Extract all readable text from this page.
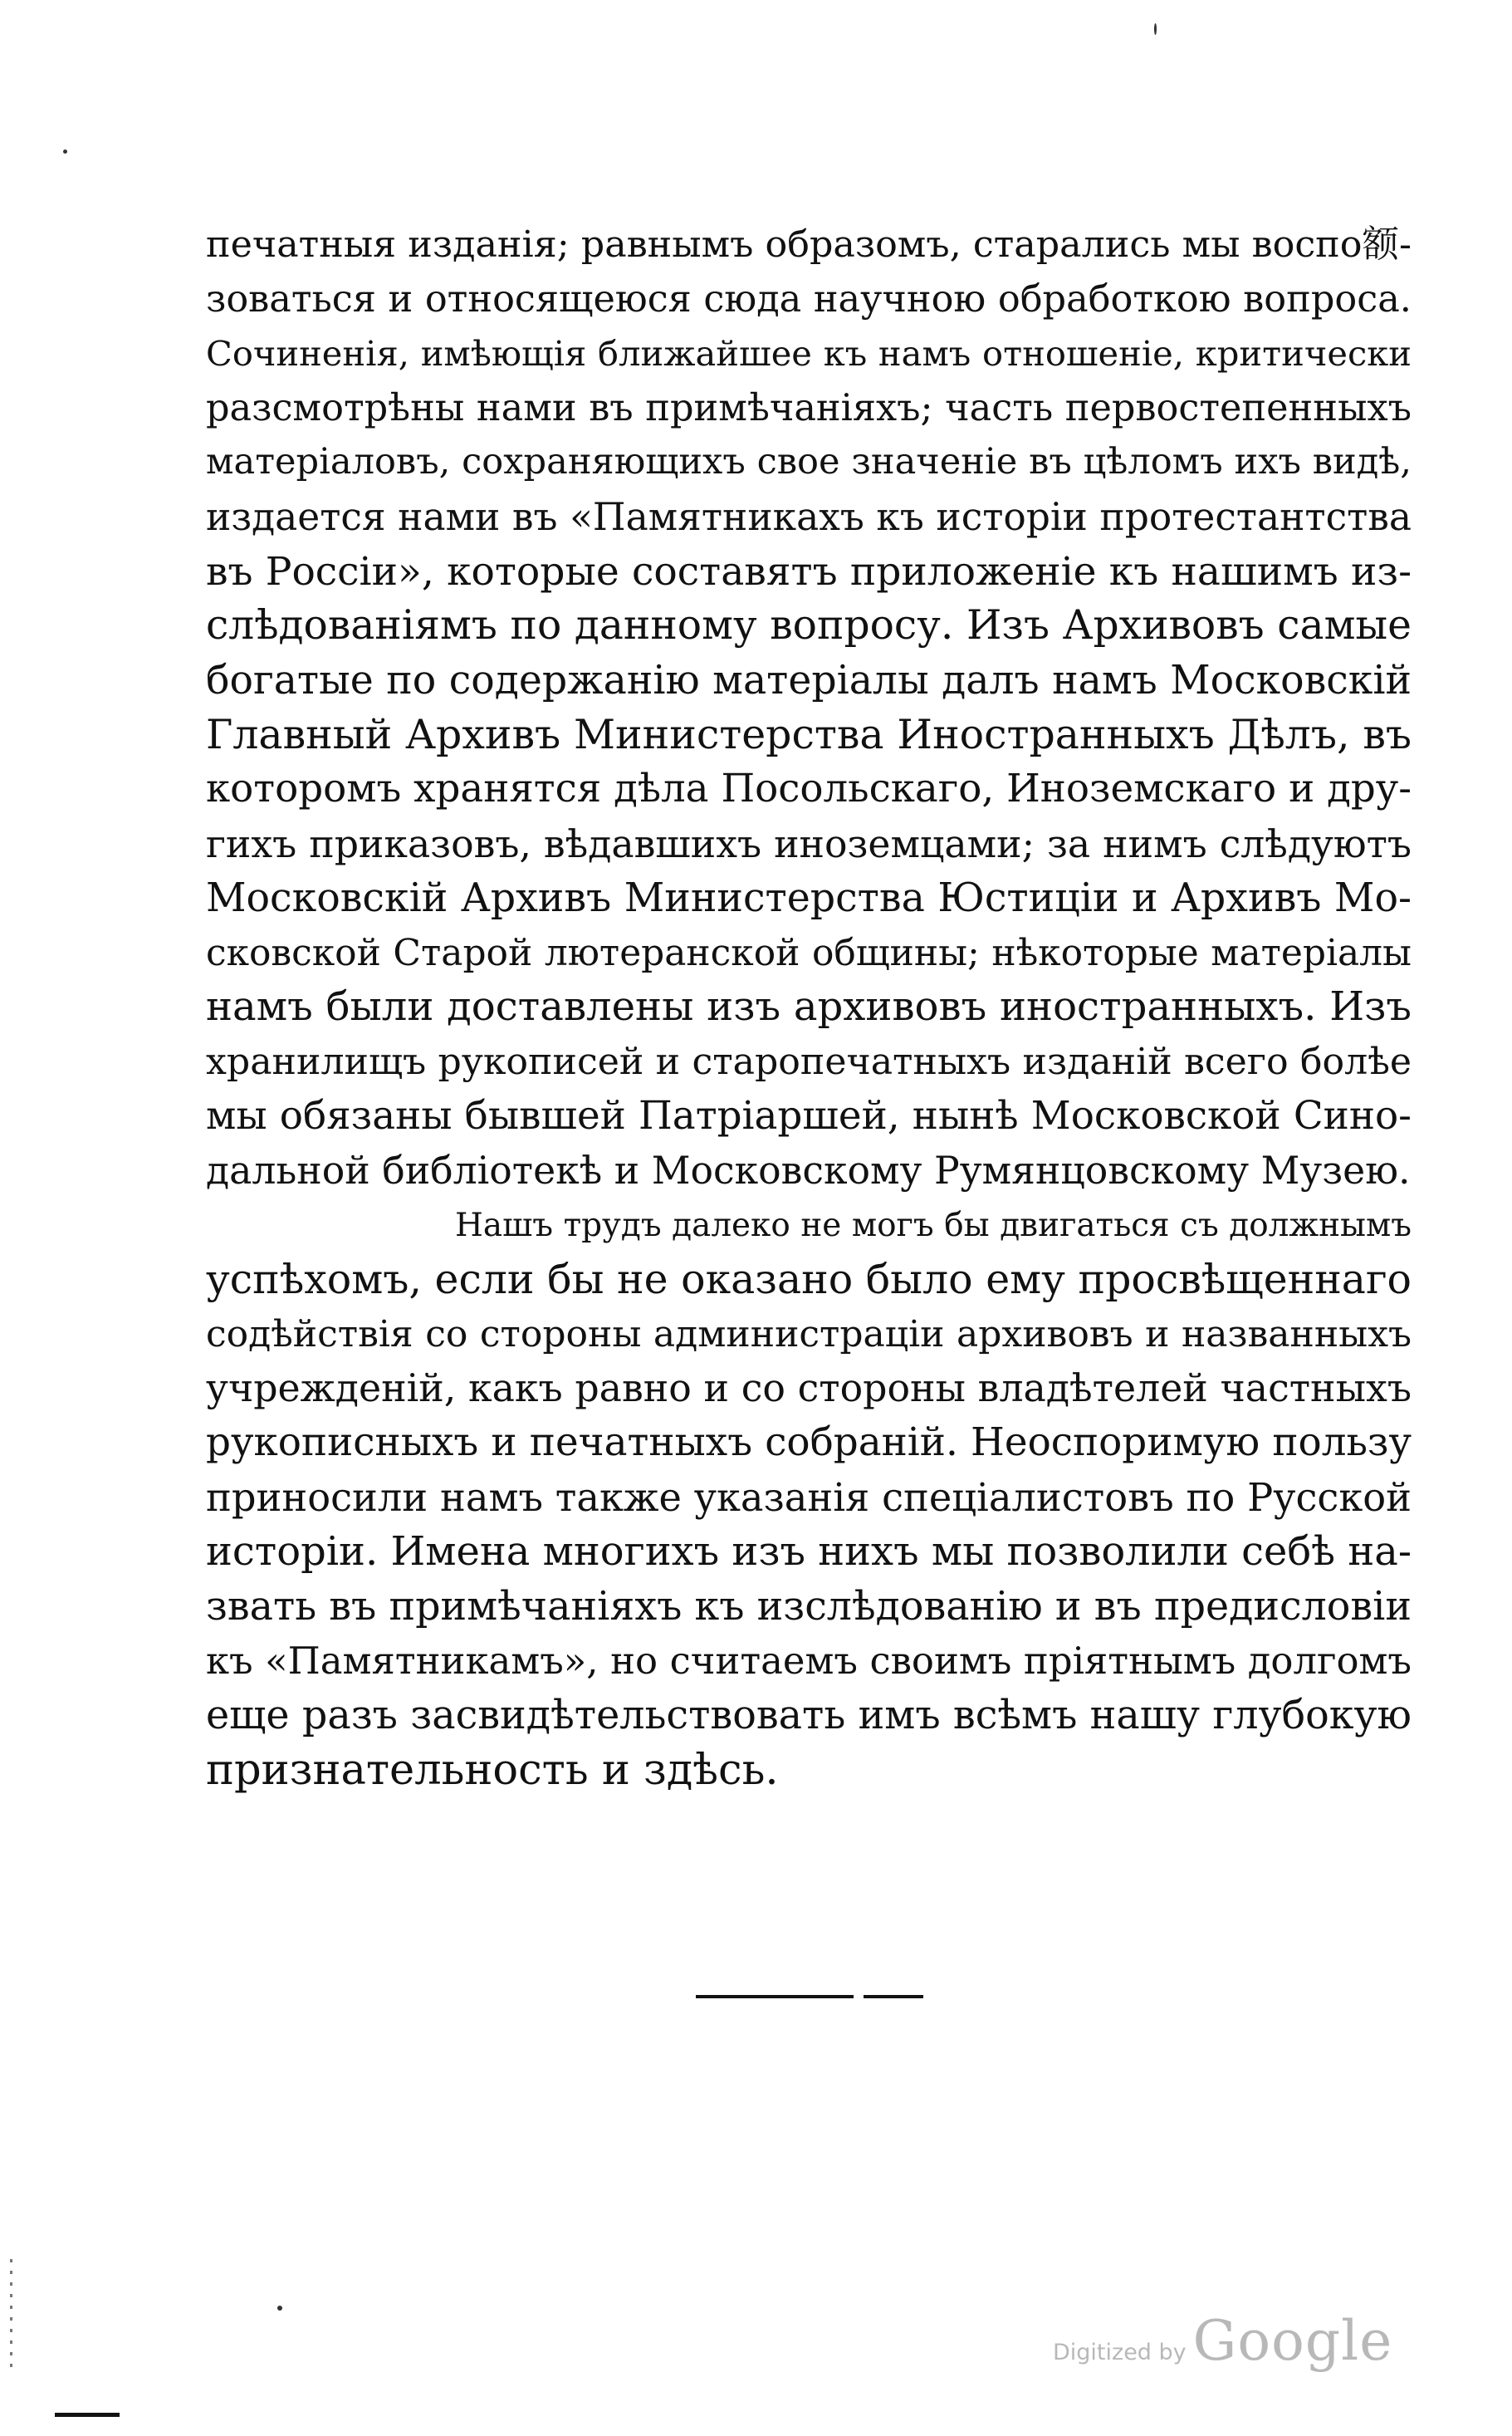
печатныя изданія; равнымъ образомъ, старались мы воспо额-
зоваться и относящеюся сюда научною обработкою вопроса.
Сочиненія, имѣющія ближайшее къ намъ отношеніе, критически
разсмотрѣны нами въ примѣчаніяхъ; часть первостепенныхъ
матеріаловъ, сохраняющихъ свое значеніе въ цѣломъ ихъ видѣ,
издается нами въ «Памятникахъ къ исторіи протестантства
въ Россіи», которые составятъ приложеніе къ нашимъ из-
слѣдованіямъ по данному вопросу. Изъ Архивовъ самые
богатые по содержанію матеріалы далъ намъ Московскій
Главный Архивъ Министерства Иностранныхъ Дѣлъ, въ
которомъ хранятся дѣла Посольскаго, Иноземскаго и дру-
гихъ приказовъ, вѣдавшихъ иноземцами; за нимъ слѣдуютъ
Московскій Архивъ Министерства Юстиціи и Архивъ Мо-
сковской Старой лютеранской общины; нѣкоторые матеріалы
намъ были доставлены изъ архивовъ иностранныхъ. Изъ
хранилищъ рукописей и старопечатныхъ изданій всего болѣе
мы обязаны бывшей Патріаршей, нынѣ Московской Сино-
дальной библіотекѣ и Московскому Румянцовскому Музею.
Нашъ трудъ далеко не могъ бы двигаться съ должнымъ
успѣхомъ, если бы не оказано было ему просвѣщеннаго
содѣйствія со стороны администраціи архивовъ и названныхъ
учрежденій, какъ равно и со стороны владѣтелей частныхъ
рукописныхъ и печатныхъ собраній. Неоспоримую пользу
приносили намъ также указанія спеціалистовъ по Русской
исторіи. Имена многихъ изъ нихъ мы позволили себѣ на-
звать въ примѣчаніяхъ къ изслѣдованію и въ предисловіи
къ «Памятникамъ», но считаемъ своимъ пріятнымъ долгомъ
еще разъ засвидѣтельствовать имъ всѣмъ нашу глубокую
признательность и здѣсь.
Digitized by Google
